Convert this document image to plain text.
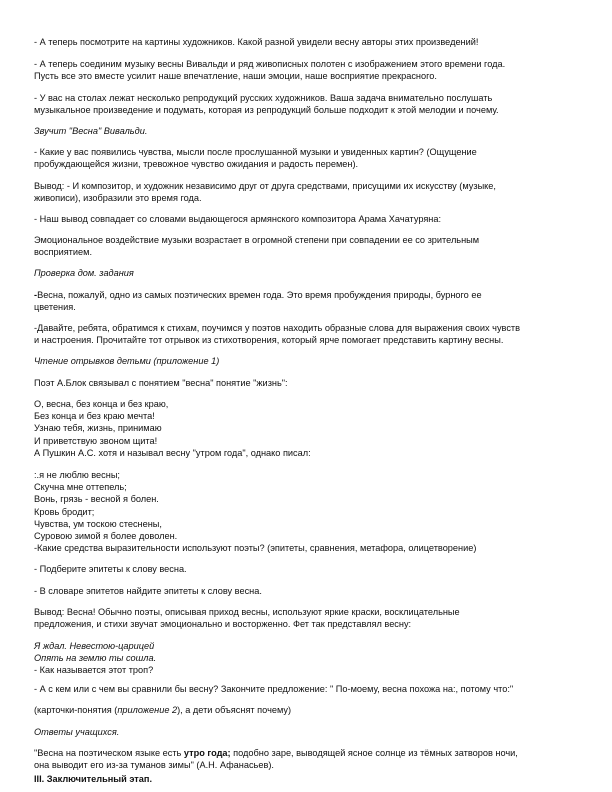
- А теперь посмотрите на картины художников. Какой разной увидели весну авторы этих произведений!

- А теперь соединим музыку весны Вивальди и ряд живописных полотен с изображением этого времени года.
Пусть все это вместе усилит наше впечатление, наши эмоции, наше восприятие прекрасного.

- У вас на столах лежат несколько репродукций русских художников. Ваша задача внимательно послушать
музыкальное произведение и подумать, которая из репродукций больше подходит к этой мелодии и почему.

Звучит "Весна" Вивальди.

- Какие у вас появились чувства, мысли после прослушанной музыки и увиденных картин? (Ощущение
пробуждающейся жизни, тревожное чувство ожидания и радость перемен).

Вывод: - И композитор, и художник независимо друг от друга средствами, присущими их искусству (музыке,
живописи), изобразили это время года.

- Наш вывод совпадает со словами выдающегося армянского композитора Арама Хачатуряна:

Эмоциональное воздействие музыки возрастает в огромной степени при совпадении ее со зрительным
восприятием.

Проверка дом. задания

-Весна, пожалуй, одно из самых поэтических времен года. Это время пробуждения природы, бурного ее
цветения.

-Давайте, ребята, обратимся к стихам, поучимся у поэтов находить образные слова для выражения своих чувств
и настроения. Прочитайте тот отрывок из стихотворения, который ярче помогает представить картину весны.

Чтение отрывков детьми (приложение 1)

Поэт А.Блок связывал с понятием "весна" понятие "жизнь":

О, весна, без конца и без краю,
Без конца и без краю мечта!
Узнаю тебя, жизнь, принимаю
И приветствую звоном щита!
А Пушкин А.С. хотя и называл весну "утром года", однако писал:

:.я не люблю весны;
Скучна мне оттепель;
Вонь, грязь - весной я болен.
Кровь бродит;
Чувства, ум тоскою стеснены,
Суровою зимой я более доволен.
-Какие средства выразительности используют поэты? (эпитеты, сравнения, метафора, олицетворение)

- Подберите эпитеты к слову весна.

- В словаре эпитетов найдите эпитеты к слову весна.

Вывод: Весна! Обычно поэты, описывая приход весны, используют яркие краски, восклицательные
предложения, и стихи звучат эмоционально и восторженно. Фет так представлял весну:

Я ждал. Невестою-царицей
Опять на землю ты сошла.
- Как называется этот троп?

- А с кем или с чем вы сравнили бы весну? Закончите предложение: " По-моему, весна похожа на:, потому что:"

(карточки-понятия (приложение 2), а дети объяснят почему)

Ответы учащихся.

"Весна на поэтическом языке есть утро года; подобно заре, выводящей ясное солнце из тёмных затворов ночи,
она выводит его из-за туманов зимы" (А.Н. Афанасьев).

III. Заключительный этап.
